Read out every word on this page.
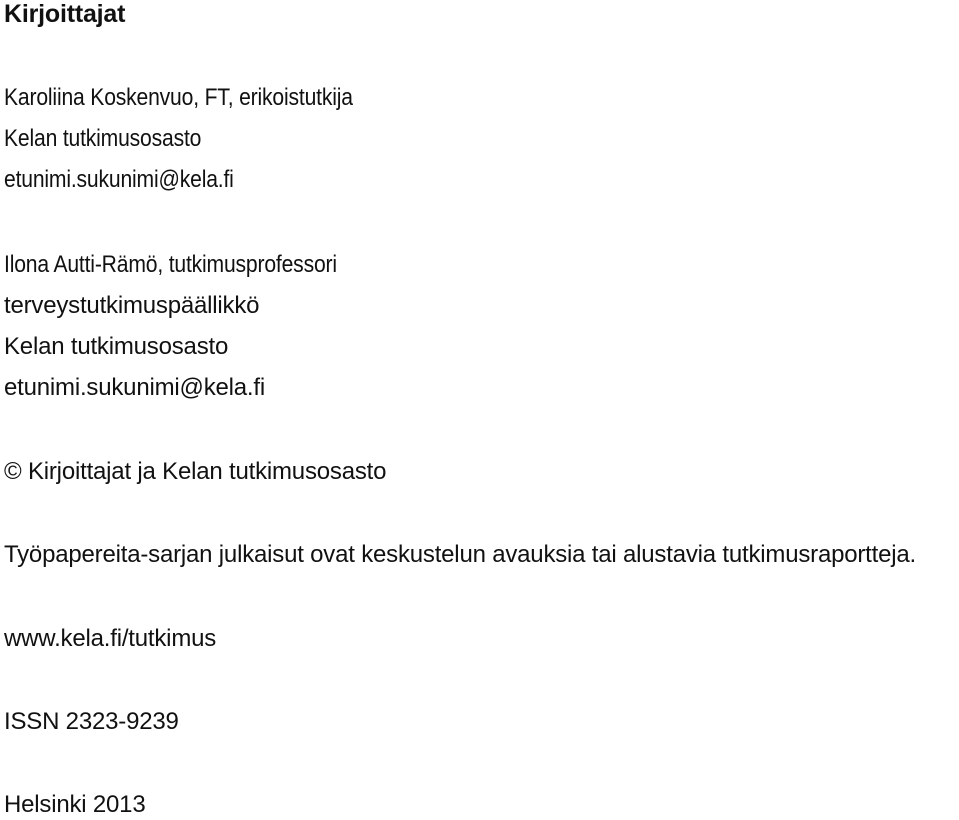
Kirjoittajat
Karoliina Koskenvuo, FT, erikoistutkija
Kelan tutkimusosasto
etunimi.sukunimi@kela.fi
Ilona Autti-Rämö, tutkimusprofessori
terveystutkimuspäällikkö
Kelan tutkimusosasto
etunimi.sukunimi@kela.fi
© Kirjoittajat ja Kelan tutkimusosasto
Työpapereita-sarjan julkaisut ovat keskustelun avauksia tai alustavia tutkimusraportteja.
www.kela.fi/tutkimus
ISSN 2323-9239
Helsinki 2013
